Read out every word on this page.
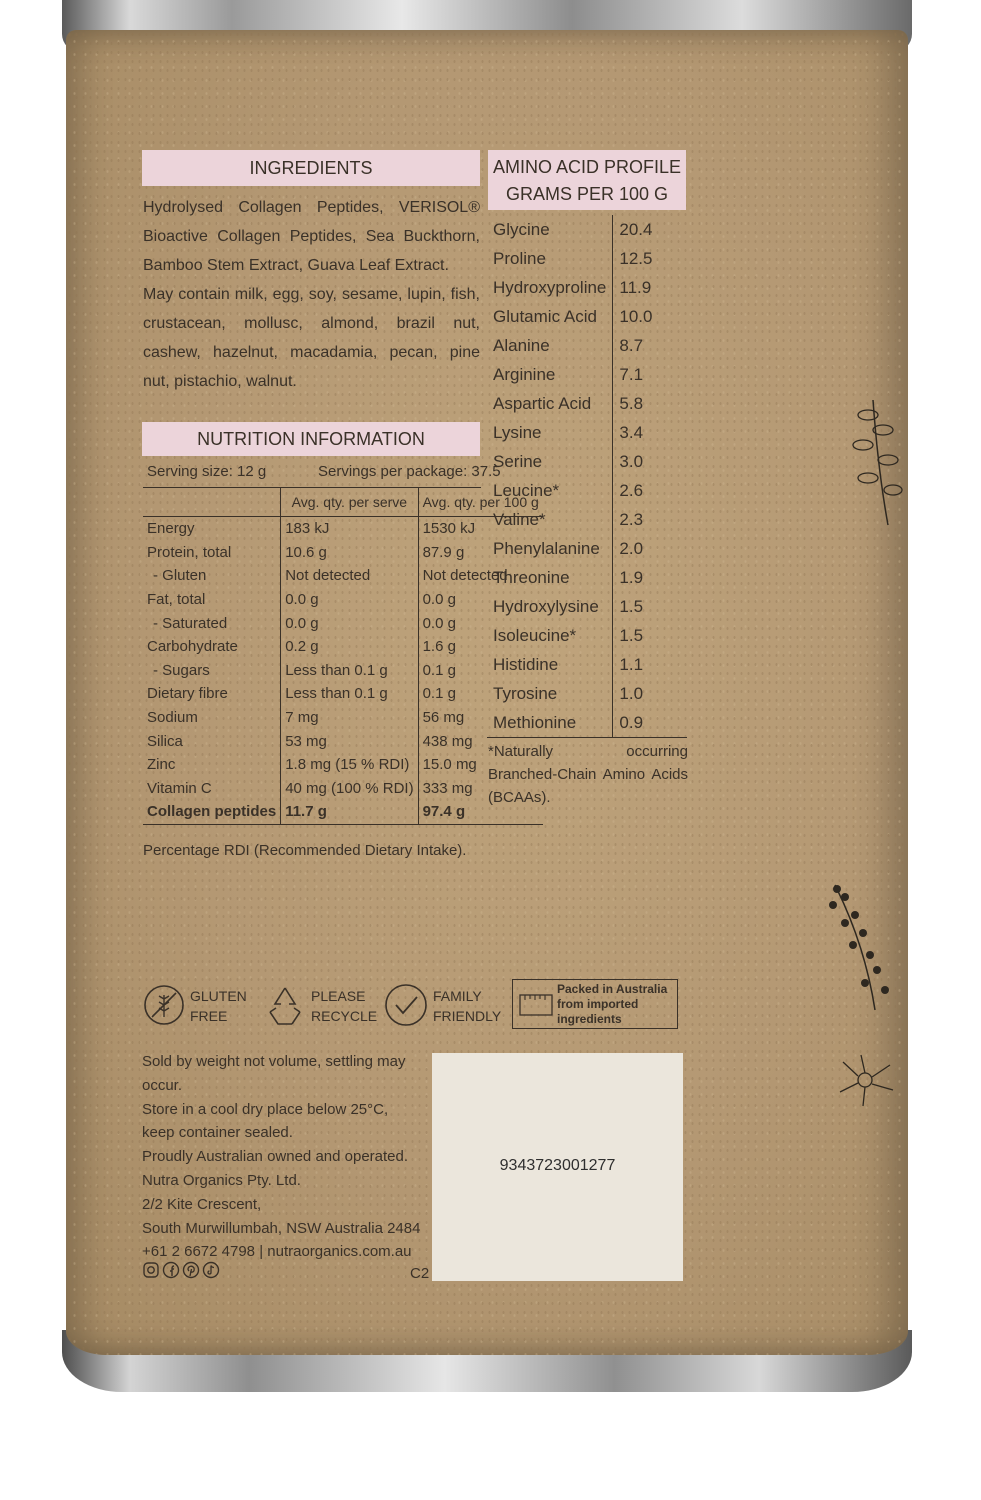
INGREDIENTS
Hydrolysed Collagen Peptides, VERISOL® Bioactive Collagen Peptides, Sea Buckthorn, Bamboo Stem Extract, Guava Leaf Extract.
May contain milk, egg, soy, sesame, lupin, fish, crustacean, mollusc, almond, brazil nut, cashew, hazelnut, macadamia, pecan, pine nut, pistachio, walnut.
NUTRITION INFORMATION
Serving size: 12 g	Servings per package: 37.5
	Avg. qty. per serve	Avg. qty. per 100 g
Energy	183 kJ	1530 kJ
Protein, total	10.6 g	87.9 g
- Gluten	Not detected	Not detected
Fat, total	0.0 g	0.0 g
- Saturated	0.0 g	0.0 g
Carbohydrate	0.2 g	1.6 g
- Sugars	Less than 0.1 g	0.1 g
Dietary fibre	Less than 0.1 g	0.1 g
Sodium	7 mg	56 mg
Silica	53 mg	438 mg
Zinc	1.8 mg (15 % RDI)	15.0 mg
Vitamin C	40 mg (100 % RDI)	333 mg
Collagen peptides	11.7 g	97.4 g
Percentage RDI (Recommended Dietary Intake).
AMINO ACID PROFILE
GRAMS PER 100 G
Glycine	20.4
Proline	12.5
Hydroxyproline	11.9
Glutamic Acid	10.0
Alanine	8.7
Arginine	7.1
Aspartic Acid	5.8
Lysine	3.4
Serine	3.0
Leucine*	2.6
Valine*	2.3
Phenylalanine	2.0
Threonine	1.9
Hydroxylysine	1.5
Isoleucine*	1.5
Histidine	1.1
Tyrosine	1.0
Methionine	0.9
*Naturally occurring Branched-Chain Amino Acids (BCAAs).
GLUTEN
FREE
PLEASE
RECYCLE
FAMILY
FRIENDLY
Packed in Australia
from imported
ingredients
Sold by weight not volume, settling may occur.
Store in a cool dry place below 25°C,
keep container sealed.
Proudly Australian owned and operated.
Nutra Organics Pty. Ltd.
2/2 Kite Crescent,
South Murwillumbah, NSW Australia 2484
+61 2 6672 4798 | nutraorganics.com.au
C2
9343723001277
